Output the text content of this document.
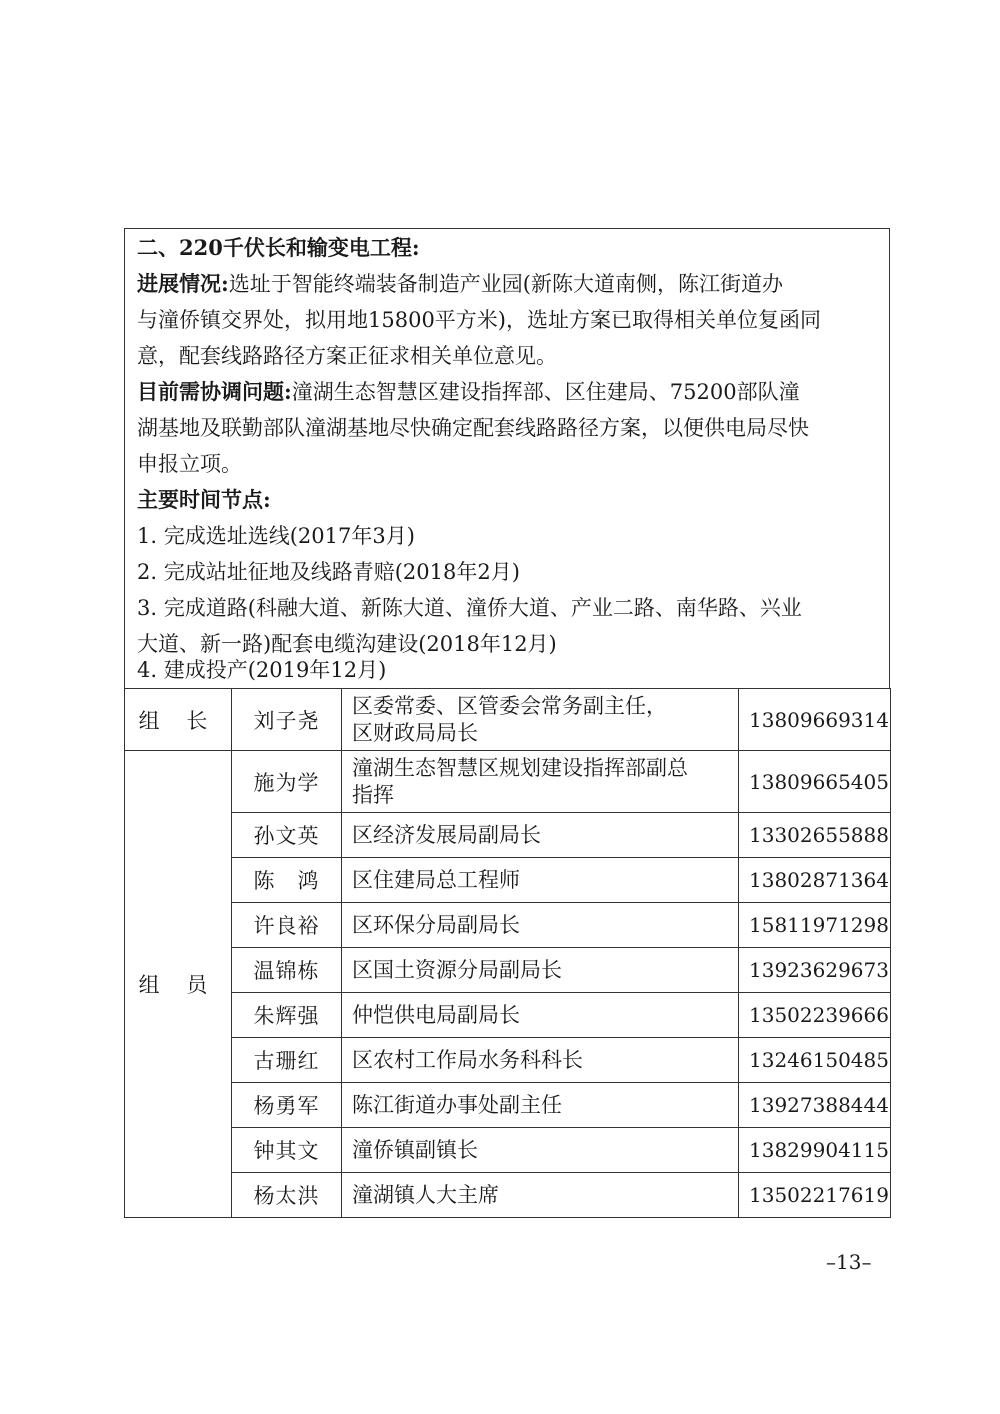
二、220千伏长和输变电工程:
进展情况:选址于智能终端装备制造产业园(新陈大道南侧，陈江街道办
与潼侨镇交界处，拟用地15800平方米)，选址方案已取得相关单位复函同
意，配套线路路径方案正征求相关单位意见。
目前需协调问题:潼湖生态智慧区建设指挥部、区住建局、75200部队潼
湖基地及联勤部队潼湖基地尽快确定配套线路路径方案，以便供电局尽快
申报立项。
主要时间节点:
1. 完成选址选线(2017年3月)
2. 完成站址征地及线路青赔(2018年2月)
3. 完成道路(科融大道、新陈大道、潼侨大道、产业二路、南华路、兴业
大道、新一路)配套电缆沟建设(2018年12月)
4. 建成投产(2019年12月)
组 长	刘子尧	区委常委、区管委会常务副主任，
区财政局局长	13809669314
组 员	施为学	潼湖生态智慧区规划建设指挥部副总
指挥	13809665405
	孙文英	区经济发展局副局长	13302655888
	陈　鸿	区住建局总工程师	13802871364
	许良裕	区环保分局副局长	15811971298
	温锦栋	区国土资源分局副局长	13923629673
	朱辉强	仲恺供电局副局长	13502239666
	古珊红	区农村工作局水务科科长	13246150485
	杨勇军	陈江街道办事处副主任	13927388444
	钟其文	潼侨镇副镇长	13829904115
	杨太洪	潼湖镇人大主席	13502217619
–13–
